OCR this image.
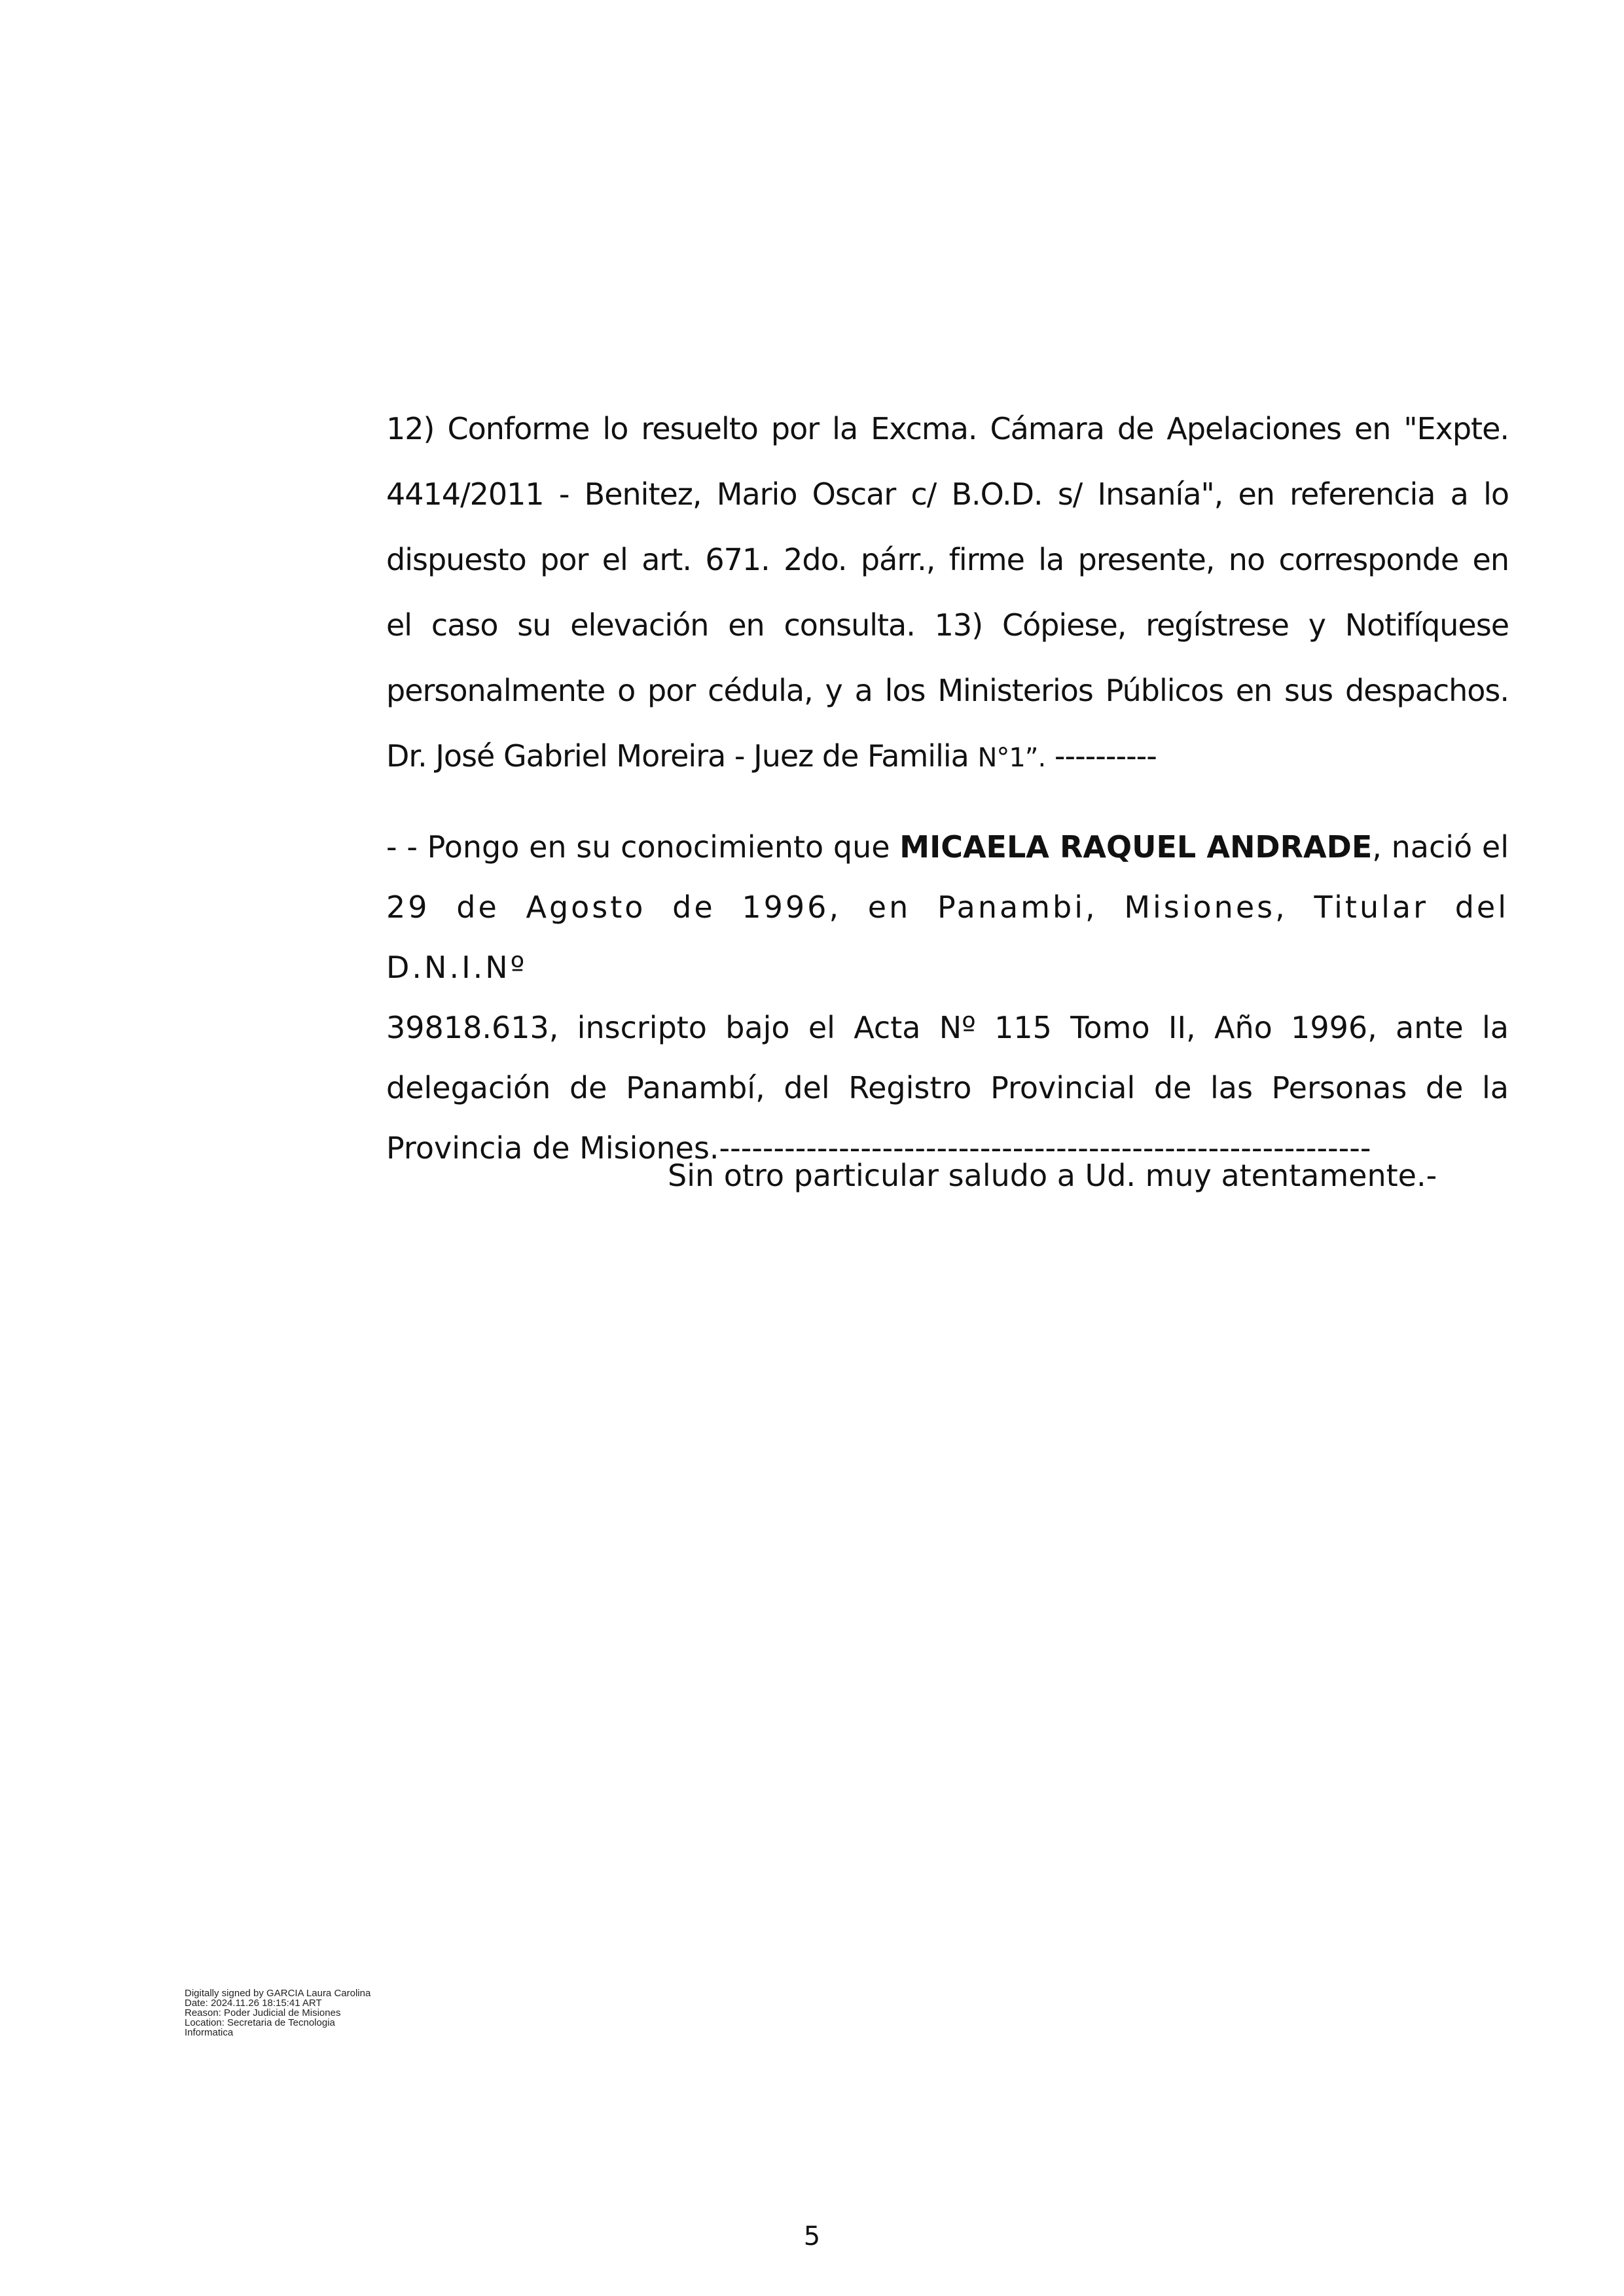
12) Conforme lo resuelto por la Excma. Cámara de Apelaciones en "Expte.
4414/2011 - Benitez, Mario Oscar c/ B.O.D. s/ Insanía", en referencia a lo
dispuesto por el art. 671. 2do. párr., firme la presente, no corresponde en
el caso su elevación en consulta. 13) Cópiese, regístrese y Notifíquese
personalmente o por cédula, y a los Ministerios Públicos en sus despachos.
Dr. José Gabriel Moreira - Juez de Familia N°1”. ----------
- - Pongo en su conocimiento que MICAELA RAQUEL ANDRADE, nació el
29 de Agosto de 1996, en Panambi, Misiones, Titular del D.N.I.Nº
39818.613, inscripto bajo el Acta Nº 115 Tomo II, Año 1996, ante la
delegación de Panambí, del Registro Provincial de las Personas de la
Provincia de Misiones.------------------------------------------------------------
Sin otro particular saludo a Ud. muy atentamente.-
Digitally signed by GARCIA Laura Carolina
Date: 2024.11.26 18:15:41 ART
Reason: Poder Judicial de Misiones
Location: Secretaria de Tecnologia
Informatica
5
